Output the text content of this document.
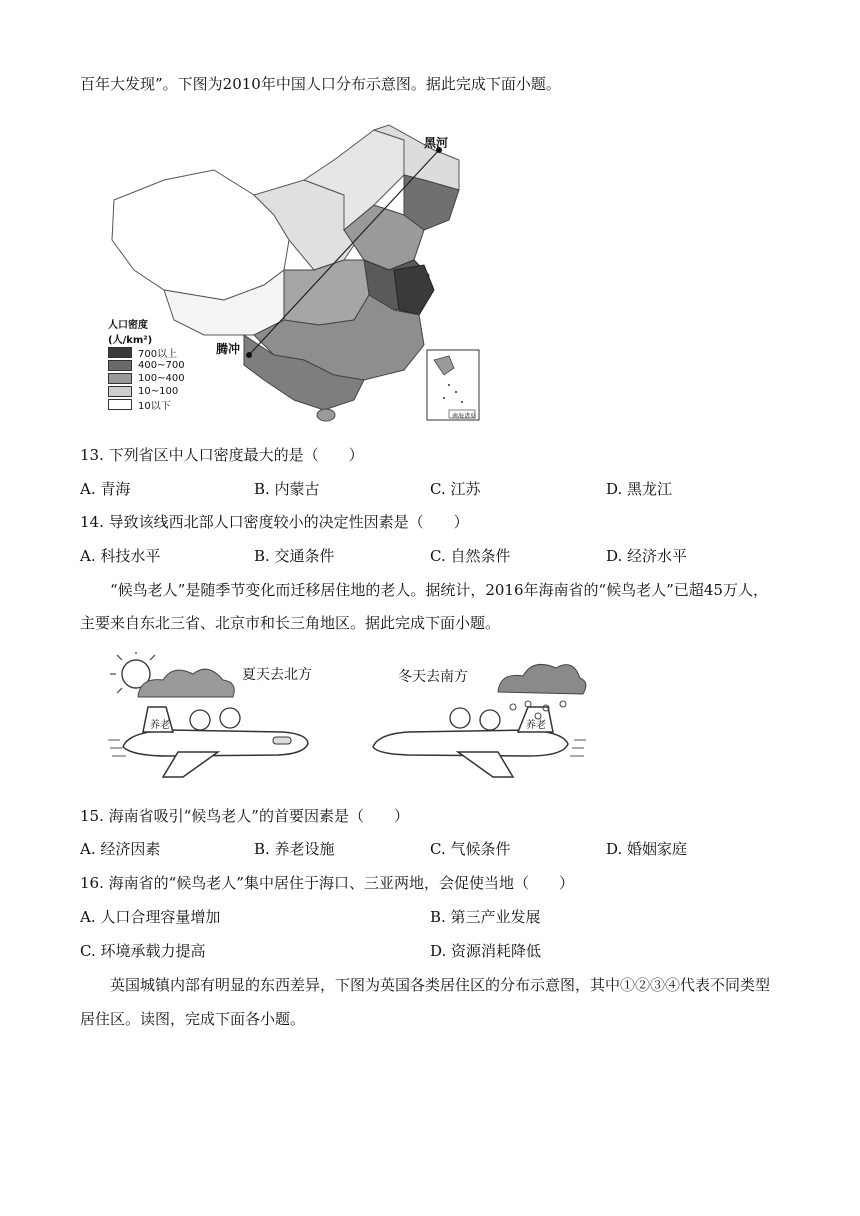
百年大发现”。下图为2010年中国人口分布示意图。据此完成下面小题。
黑河
腾冲
南海诸岛
人口密度
(人/km²)
700以上
400~700
100~400
10~100
10以下
13. 下列省区中人口密度最大的是（　　）
A. 青海	B. 内蒙古	C. 江苏	D. 黑龙江
14. 导致该线西北部人口密度较小的决定性因素是（　　）
A. 科技水平	B. 交通条件	C. 自然条件	D. 经济水平
“候鸟老人”是随季节变化而迁移居住地的老人。据统计，2016年海南省的“候鸟老人”已超45万人，
主要来自东北三省、北京市和长三角地区。据此完成下面小题。
夏天去北方	冬天去南方
养老	养老
15. 海南省吸引“候鸟老人”的首要因素是（　　）
A. 经济因素	B. 养老设施	C. 气候条件	D. 婚姻家庭
16. 海南省的“候鸟老人”集中居住于海口、三亚两地，会促使当地（　　）
A. 人口合理容量增加	B. 第三产业发展
C. 环境承载力提高	D. 资源消耗降低
英国城镇内部有明显的东西差异，下图为英国各类居住区的分布示意图，其中①②③④代表不同类型
居住区。读图，完成下面各小题。
